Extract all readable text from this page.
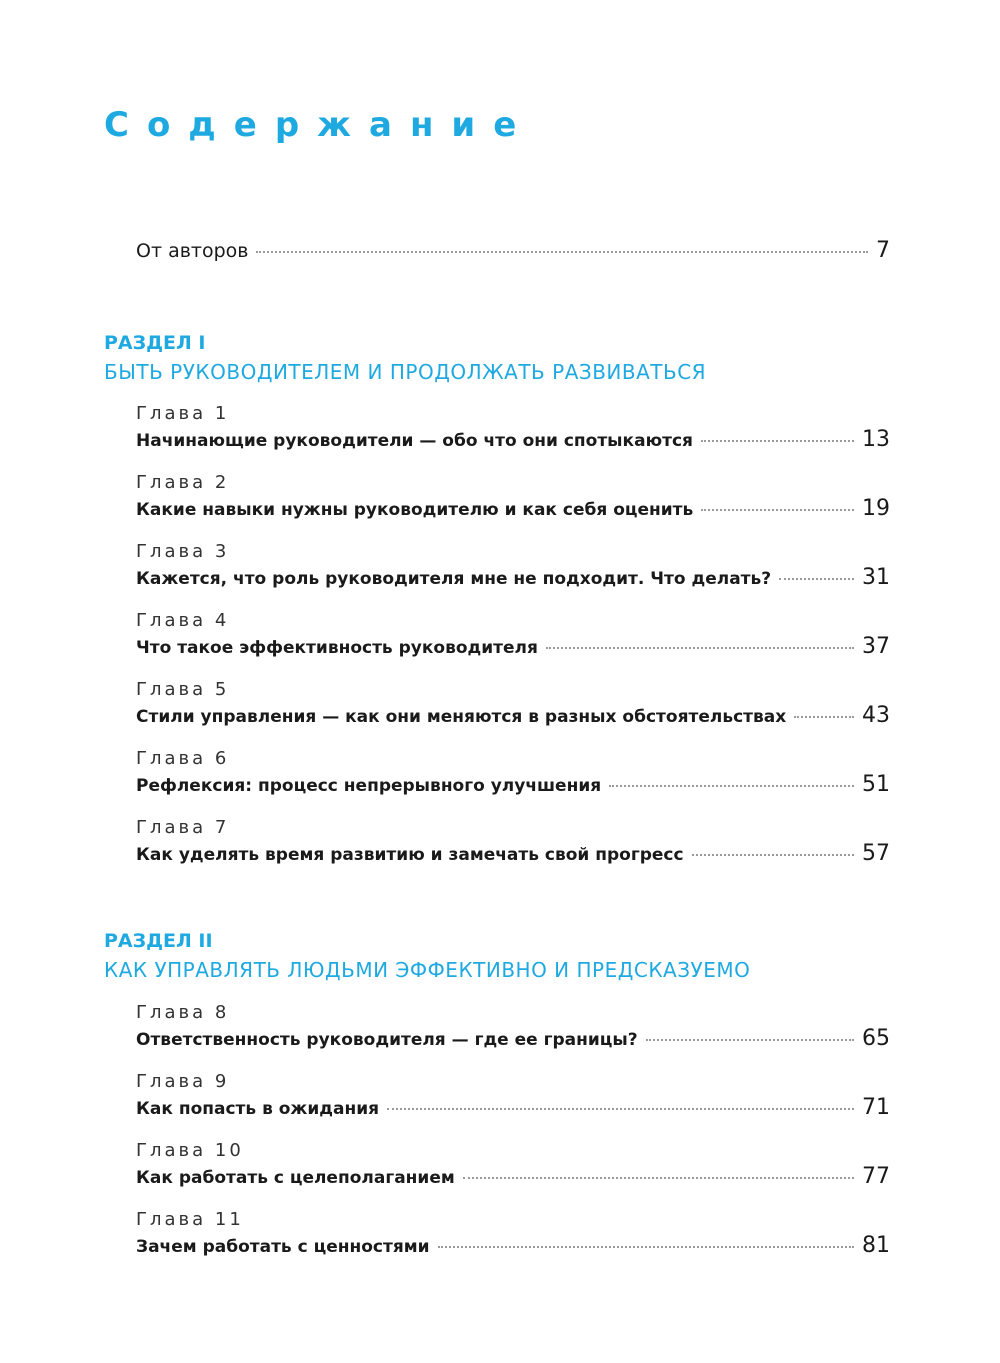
Содержание
От авторов	7
РАЗДЕЛ I
БЫТЬ РУКОВОДИТЕЛЕМ И ПРОДОЛЖАТЬ РАЗВИВАТЬСЯ
Глава 1
Начинающие руководители — обо что они спотыкаются	13
Глава 2
Какие навыки нужны руководителю и как себя оценить	19
Глава 3
Кажется, что роль руководителя мне не подходит. Что делать?	31
Глава 4
Что такое эффективность руководителя	37
Глава 5
Стили управления — как они меняются в разных обстоятельствах	43
Глава 6
Рефлексия: процесс непрерывного улучшения	51
Глава 7
Как уделять время развитию и замечать свой прогресс	57
РАЗДЕЛ II
КАК УПРАВЛЯТЬ ЛЮДЬМИ ЭФФЕКТИВНО И ПРЕДСКАЗУЕМО
Глава 8
Ответственность руководителя — где ее границы?	65
Глава 9
Как попасть в ожидания	71
Глава 10
Как работать с целеполаганием	77
Глава 11
Зачем работать с ценностями	81
